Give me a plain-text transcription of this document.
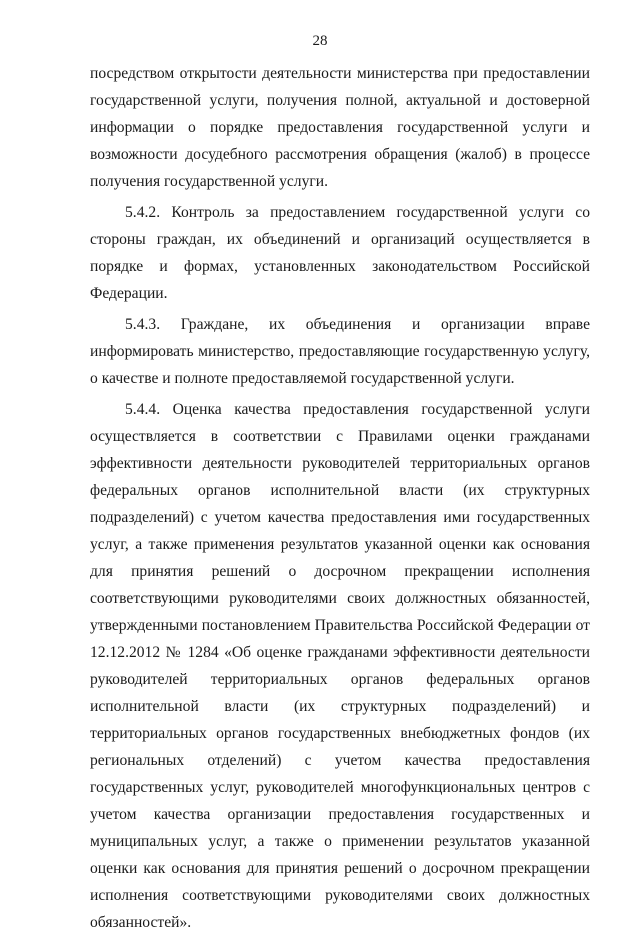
28

посредством открытости деятельности министерства при предоставлении государственной услуги, получения полной, актуальной и достоверной информации о порядке предоставления государственной услуги и возможности досудебного рассмотрения обращения (жалоб) в процессе получения государственной услуги.

5.4.2. Контроль за предоставлением государственной услуги со стороны граждан, их объединений и организаций осуществляется в порядке и формах, установленных законодательством Российской Федерации.

5.4.3. Граждане, их объединения и организации вправе информировать министерство, предоставляющие государственную услугу, о качестве и полноте предоставляемой государственной услуги.

5.4.4. Оценка качества предоставления государственной услуги осуществляется в соответствии с Правилами оценки гражданами эффективности деятельности руководителей территориальных органов федеральных органов исполнительной власти (их структурных подразделений) с учетом качества предоставления ими государственных услуг, а также применения результатов указанной оценки как основания для принятия решений о досрочном прекращении исполнения соответствующими руководителями своих должностных обязанностей, утвержденными постановлением Правительства Российской Федерации от 12.12.2012 № 1284 «Об оценке гражданами эффективности деятельности руководителей территориальных органов федеральных органов исполнительной власти (их структурных подразделений) и территориальных органов государственных внебюджетных фондов (их региональных отделений) с учетом качества предоставления государственных услуг, руководителей многофункциональных центров с учетом качества организации предоставления государственных и муниципальных услуг, а также о применении результатов указанной оценки как основания для принятия решений о досрочном прекращении исполнения соответствующими руководителями своих должностных обязанностей».
